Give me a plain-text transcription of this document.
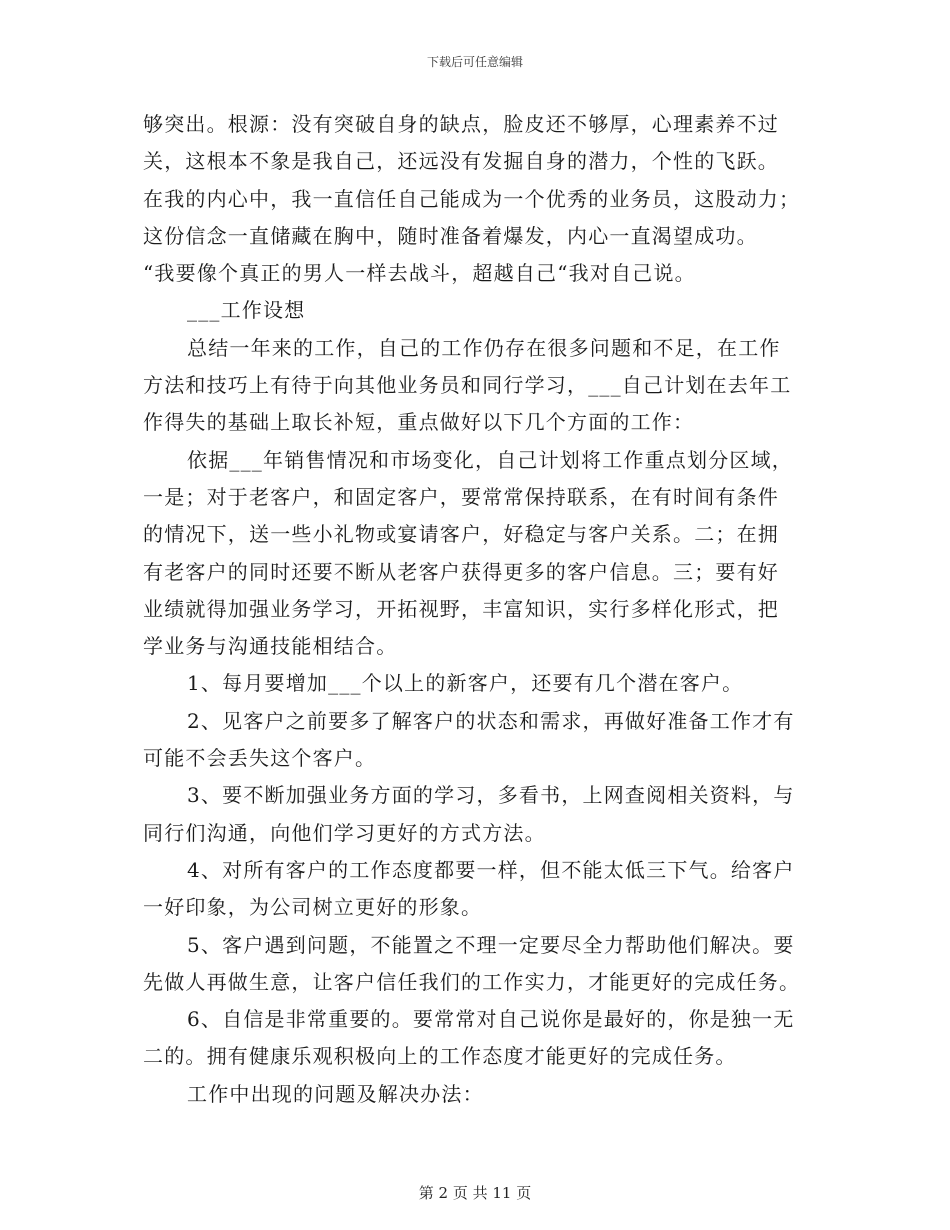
下载后可任意编辑
够突出。根源：没有突破自身的缺点，脸皮还不够厚，心理素养不过
关，这根本不象是我自己，还远没有发掘自身的潜力，个性的飞跃。
在我的内心中，我一直信任自己能成为一个优秀的业务员，这股动力；
这份信念一直储藏在胸中，随时准备着爆发，内心一直渴望成功。
“我要像个真正的男人一样去战斗，超越自己“我对自己说。
___工作设想
总结一年来的工作，自己的工作仍存在很多问题和不足，在工作
方法和技巧上有待于向其他业务员和同行学习，___自己计划在去年工
作得失的基础上取长补短，重点做好以下几个方面的工作：
依据___年销售情况和市场变化，自己计划将工作重点划分区域，
一是；对于老客户，和固定客户，要常常保持联系，在有时间有条件
的情况下，送一些小礼物或宴请客户，好稳定与客户关系。二；在拥
有老客户的同时还要不断从老客户获得更多的客户信息。三；要有好
业绩就得加强业务学习，开拓视野，丰富知识，实行多样化形式，把
学业务与沟通技能相结合。
1、每月要增加___个以上的新客户，还要有几个潜在客户。
2、见客户之前要多了解客户的状态和需求，再做好准备工作才有
可能不会丢失这个客户。
3、要不断加强业务方面的学习，多看书，上网查阅相关资料，与
同行们沟通，向他们学习更好的方式方法。
4、对所有客户的工作态度都要一样，但不能太低三下气。给客户
一好印象，为公司树立更好的形象。
5、客户遇到问题，不能置之不理一定要尽全力帮助他们解决。要
先做人再做生意，让客户信任我们的工作实力，才能更好的完成任务。
6、自信是非常重要的。要常常对自己说你是最好的，你是独一无
二的。拥有健康乐观积极向上的工作态度才能更好的完成任务。
工作中出现的问题及解决办法：
第 2 页 共 11 页
